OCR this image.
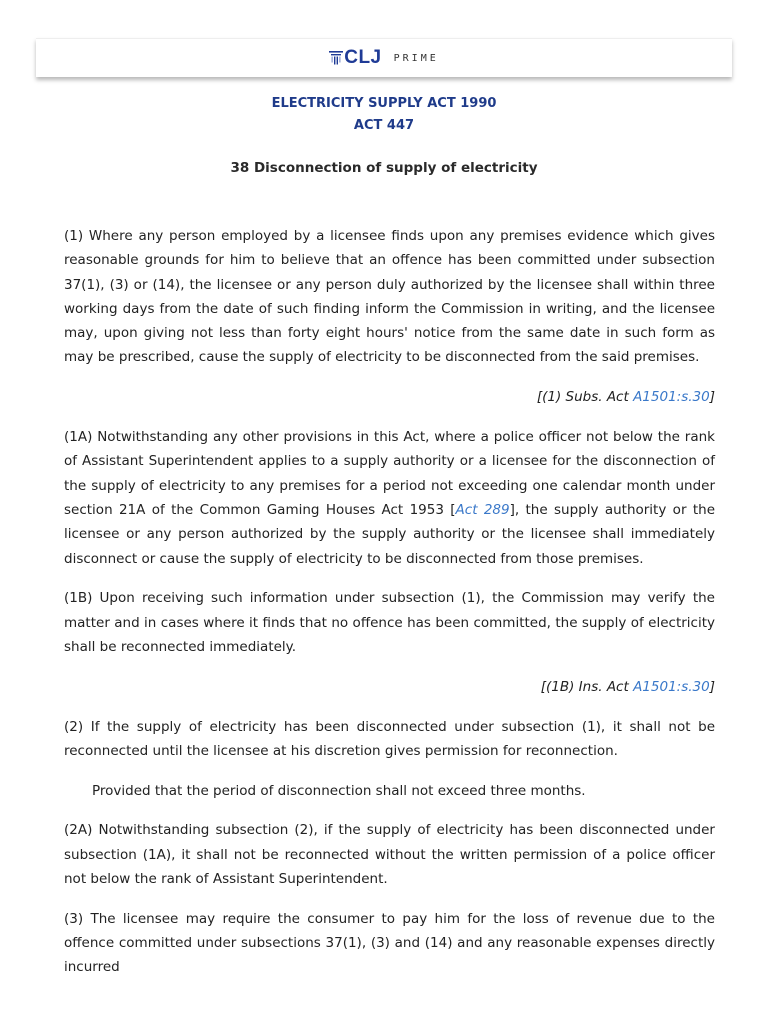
CLJ PRIME
ELECTRICITY SUPPLY ACT 1990
ACT 447
38 Disconnection of supply of electricity

(1) Where any person employed by a licensee finds upon any premises evidence which gives reasonable grounds for him to believe that an offence has been committed under subsection 37(1), (3) or (14), the licensee or any person duly authorized by the licensee shall within three working days from the date of such finding inform the Commission in writing, and the licensee may, upon giving not less than forty eight hours' notice from the same date in such form as may be prescribed, cause the supply of electricity to be disconnected from the said premises.

[(1) Subs. Act A1501:s.30]

(1A) Notwithstanding any other provisions in this Act, where a police officer not below the rank of Assistant Superintendent applies to a supply authority or a licensee for the disconnection of the supply of electricity to any premises for a period not exceeding one calendar month under section 21A of the Common Gaming Houses Act 1953 [Act 289], the supply authority or the licensee or any person authorized by the supply authority or the licensee shall immediately disconnect or cause the supply of electricity to be disconnected from those premises.

(1B) Upon receiving such information under subsection (1), the Commission may verify the matter and in cases where it finds that no offence has been committed, the supply of electricity shall be reconnected immediately.

[(1B) Ins. Act A1501:s.30]

(2) If the supply of electricity has been disconnected under subsection (1), it shall not be reconnected until the licensee at his discretion gives permission for reconnection.

Provided that the period of disconnection shall not exceed three months.

(2A) Notwithstanding subsection (2), if the supply of electricity has been disconnected under subsection (1A), it shall not be reconnected without the written permission of a police officer not below the rank of Assistant Superintendent.

(3) The licensee may require the consumer to pay him for the loss of revenue due to the offence committed under subsections 37(1), (3) and (14) and any reasonable expenses directly incurred
